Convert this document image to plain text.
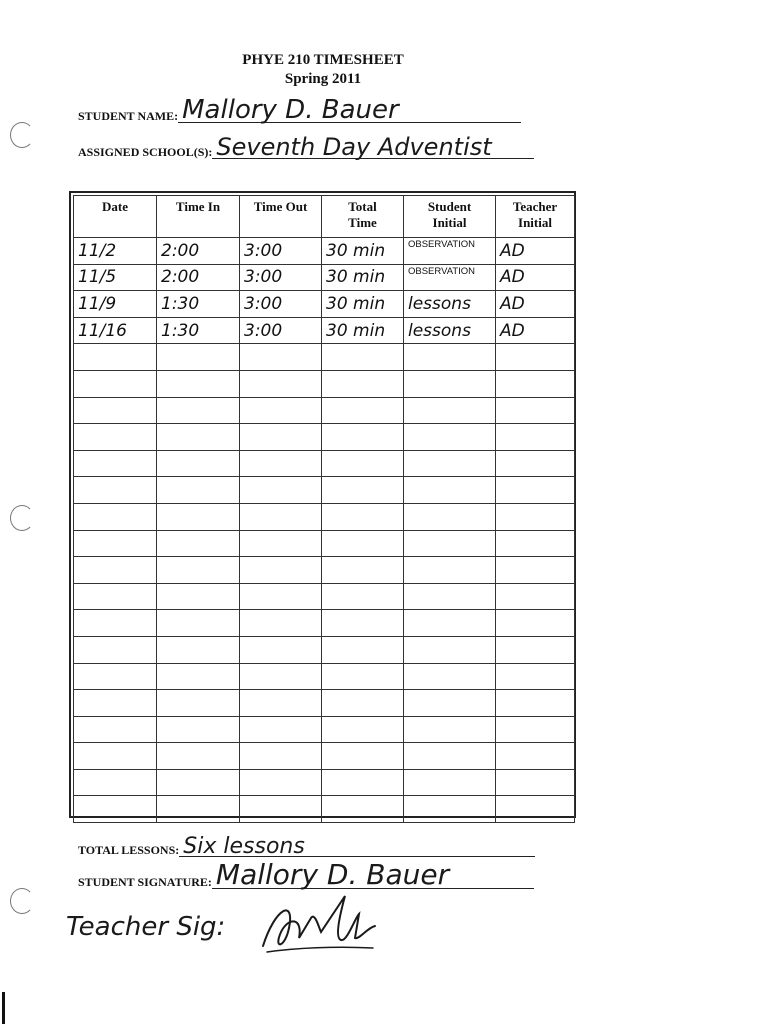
PHYE 210 TIMESHEET
Spring 2011
STUDENT NAME: Mallory D. Bauer
ASSIGNED SCHOOL(S): Seventh Day Adventist
Date	Time In	Time Out	Total Time	Student Initial	Teacher Initial
11/2	2:00	3:00	30 min	OBSERVATION	AD
11/5	2:00	3:00	30 min	OBSERVATION	AD
11/9	1:30	3:00	30 min	lessons	AD
11/16	1:30	3:00	30 min	lessons	AD

TOTAL LESSONS: Six lessons
STUDENT SIGNATURE: Mallory D. Bauer
Teacher Sig:
